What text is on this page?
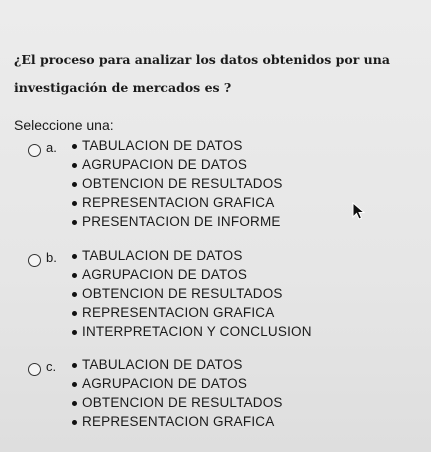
¿El proceso para analizar los datos obtenidos por una investigación de mercados es ?

Seleccione una:

a. TABULACION DE DATOS
AGRUPACION DE DATOS
OBTENCION DE RESULTADOS
REPRESENTACION GRAFICA
PRESENTACION DE INFORME
b. TABULACION DE DATOS
AGRUPACION DE DATOS
OBTENCION DE RESULTADOS
REPRESENTACION GRAFICA
INTERPRETACION Y CONCLUSION
c. TABULACION DE DATOS
AGRUPACION DE DATOS
OBTENCION DE RESULTADOS
REPRESENTACION GRAFICA
